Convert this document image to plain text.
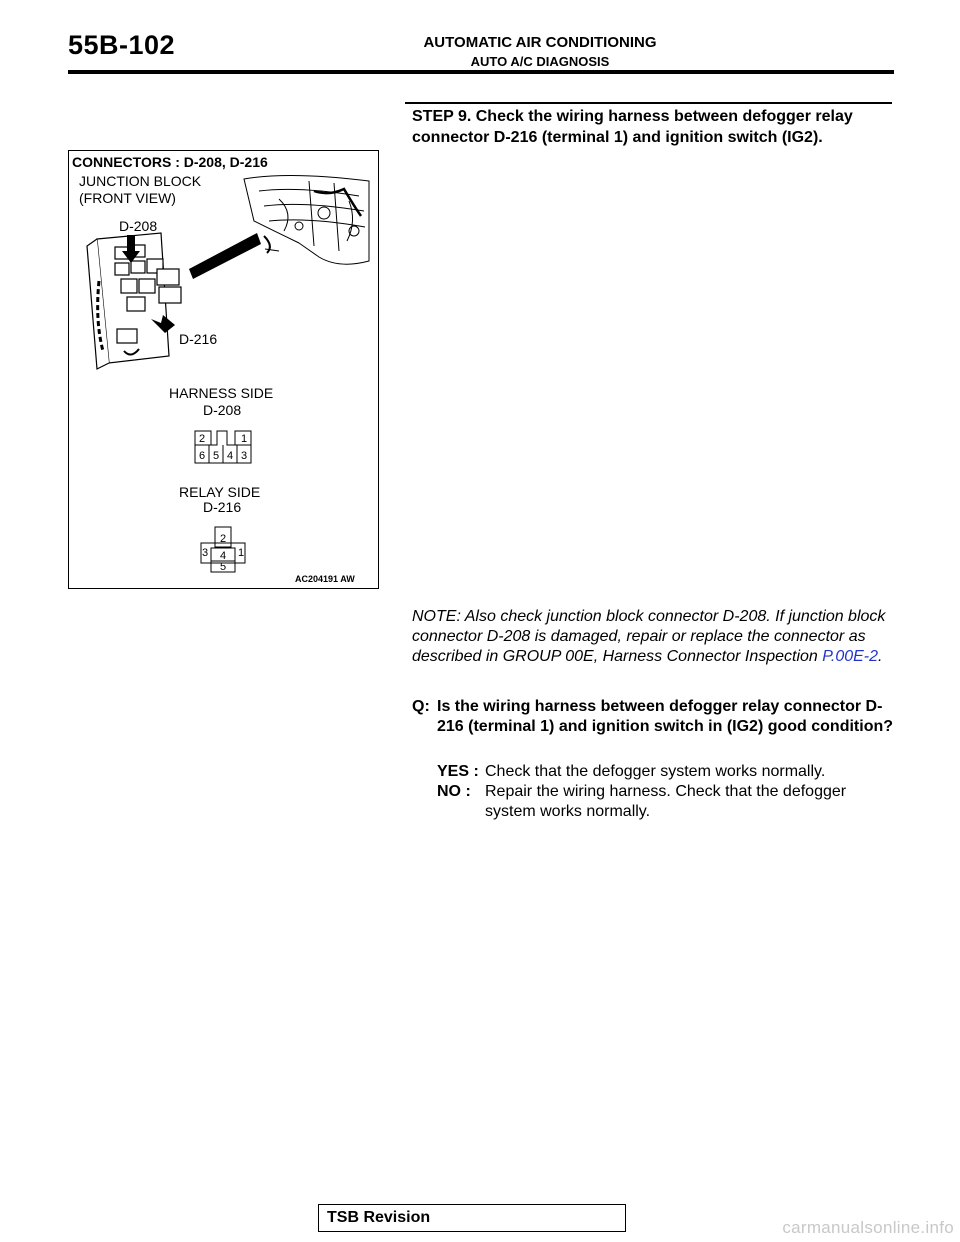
55B-102	AUTOMATIC AIR CONDITIONING
AUTO A/C DIAGNOSIS
STEP 9. Check the wiring harness between defogger relay connector D-216 (terminal 1) and ignition switch (IG2).
CONNECTORS : D-208, D-216
JUNCTION BLOCK
(FRONT VIEW)
D-208
D-216
HARNESS SIDE
D-208
2	1
6 5 4 3
RELAY SIDE
D-216
2
3 4 1
5
AC204191 AW
NOTE: Also check junction block connector D-208. If junction block connector D-208 is damaged, repair or replace the connector as described in GROUP 00E, Harness Connector Inspection P.00E-2.
Q: Is the wiring harness between defogger relay connector D-216 (terminal 1) and ignition switch in (IG2) good condition?
YES : Check that the defogger system works normally.
NO : Repair the wiring harness. Check that the defogger system works normally.
TSB Revision
carmanualsonline.info
